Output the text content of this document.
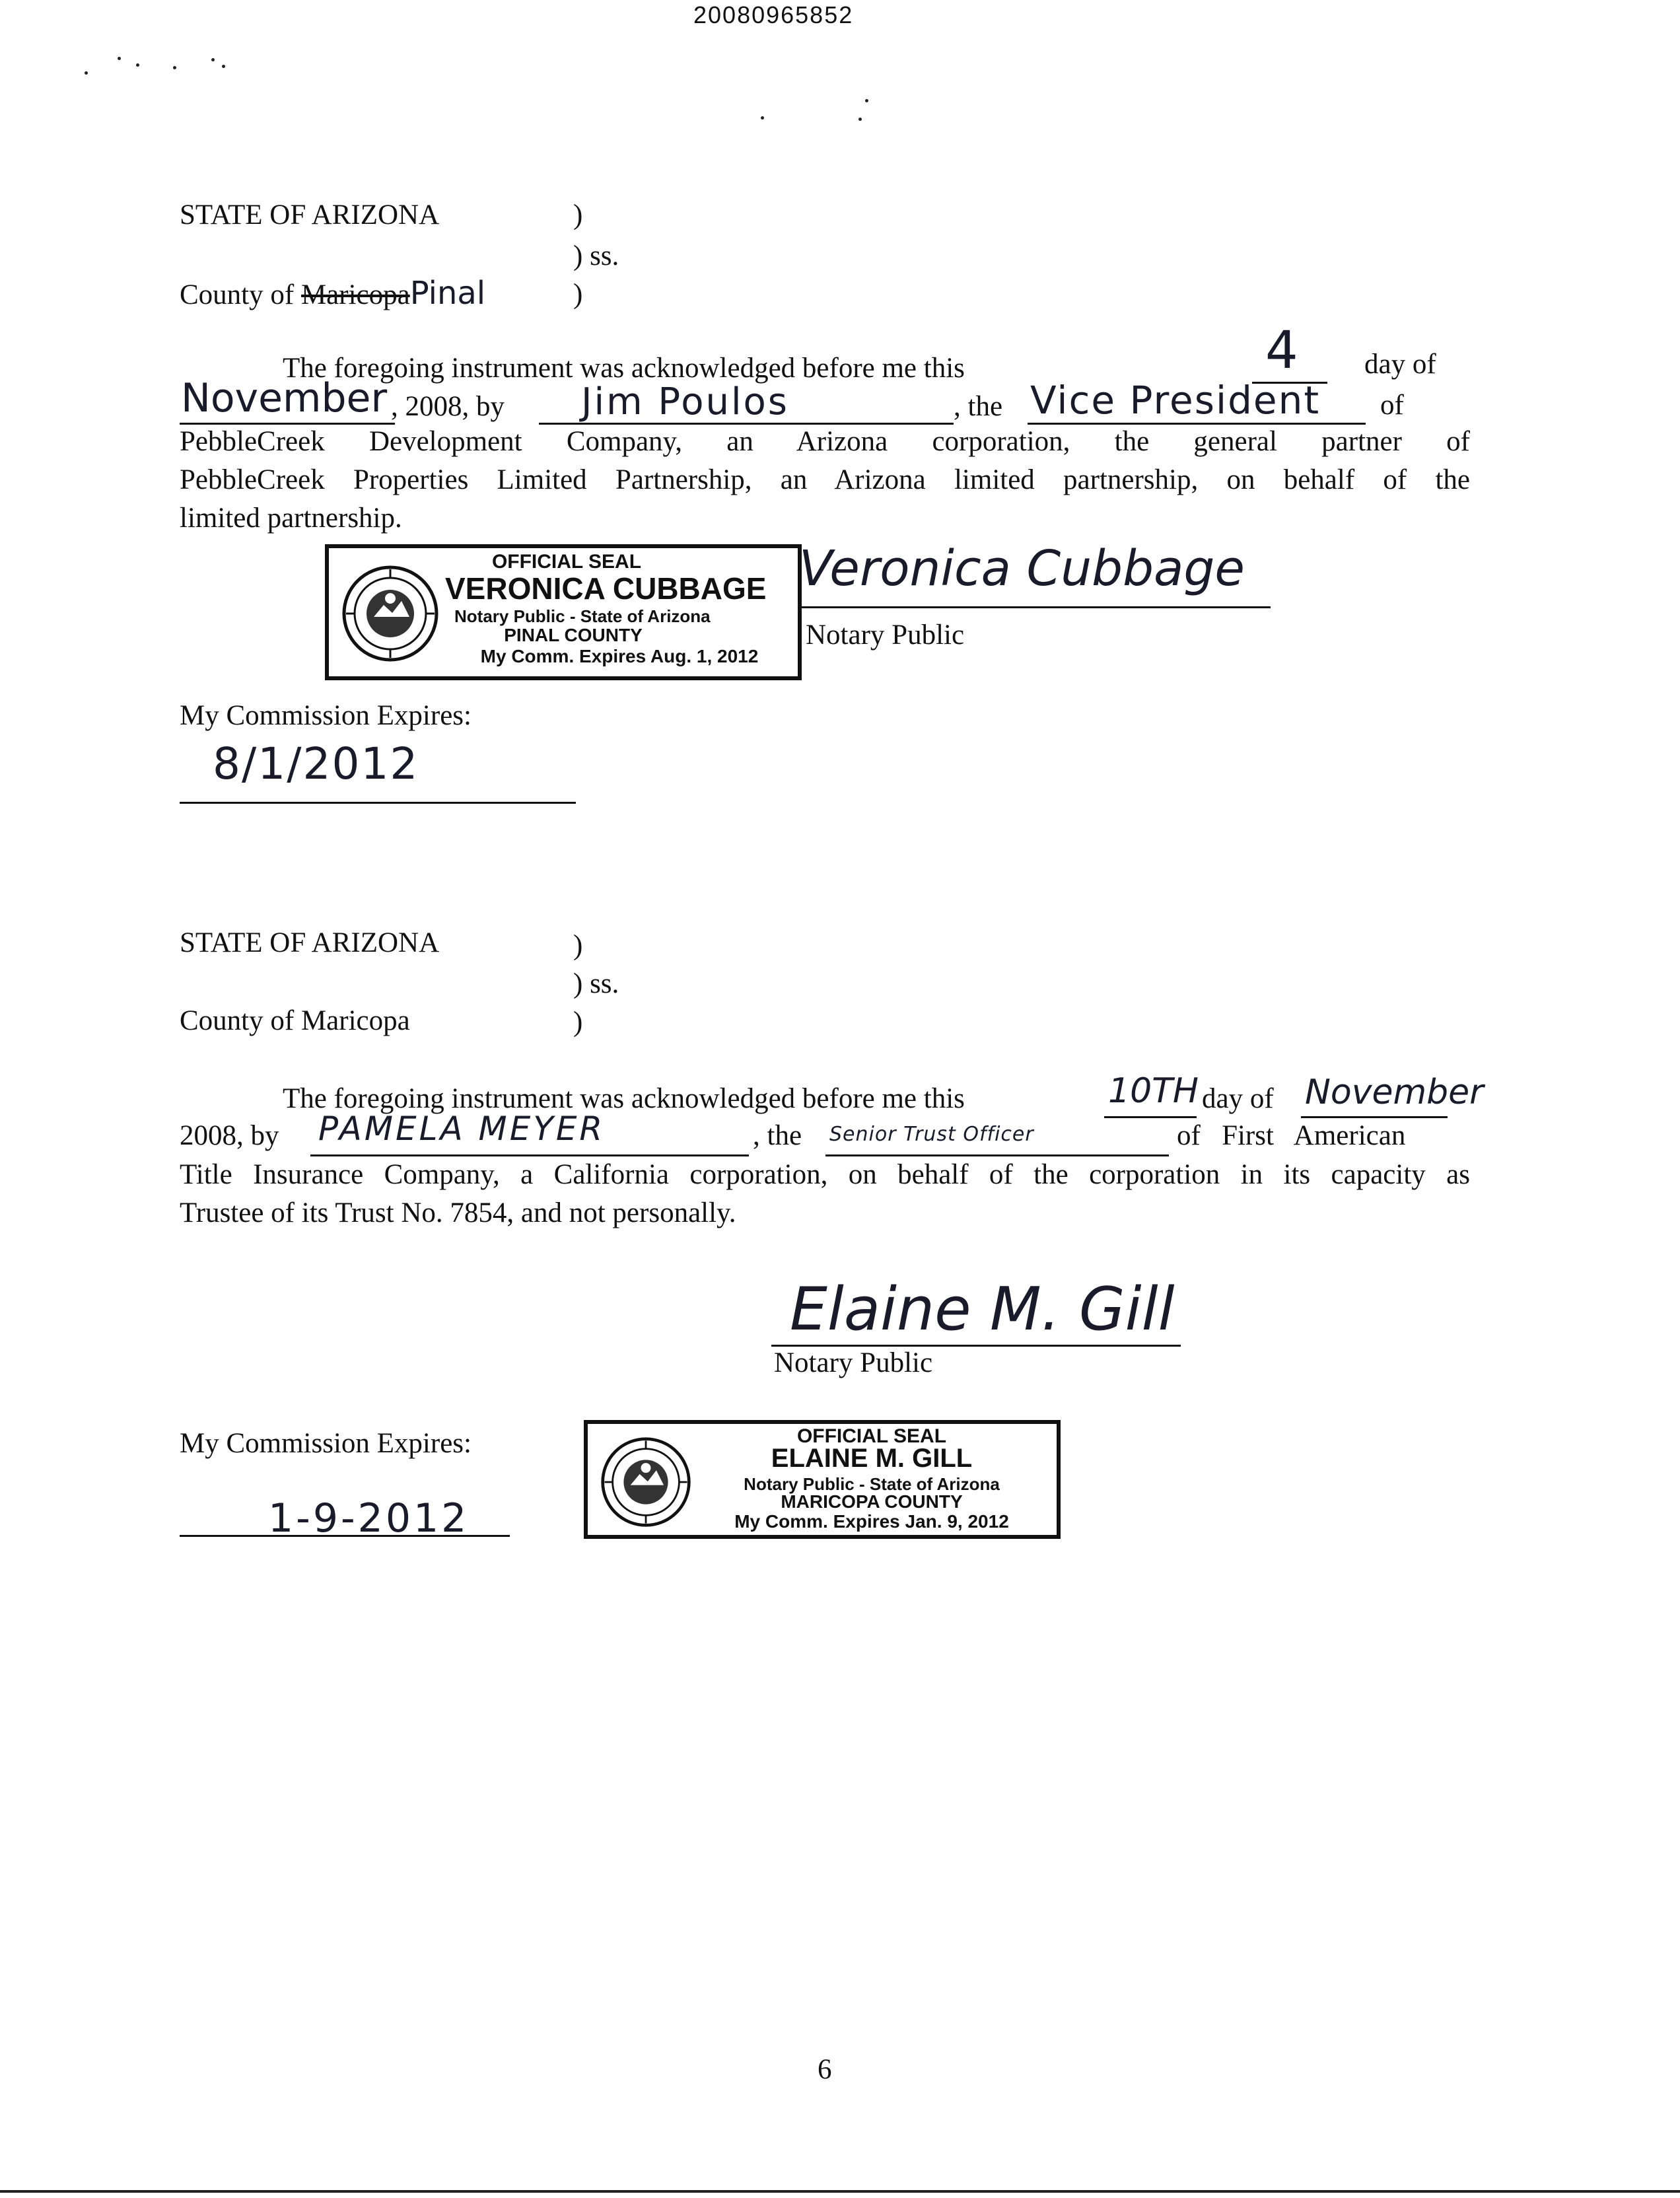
20080965852
STATE OF ARIZONA	)
) ss.
County of MaricopaPinal	)
The foregoing instrument was acknowledged before me this	4 day of
November , 2008, by Jim Poulos	, the Vice President of
PebbleCreek Development Company, an Arizona corporation, the general partner of
PebbleCreek Properties Limited Partnership, an Arizona limited partnership, on behalf of the
limited partnership.
OFFICIAL SEAL
VERONICA CUBBAGE
Notary Public - State of Arizona
PINAL COUNTY
My Comm. Expires Aug. 1, 2012
Veronica Cubbage
Notary Public
My Commission Expires:
8/1/2012
STATE OF ARIZONA	)
) ss.
County of Maricopa	)
The foregoing instrument was acknowledged before me this	10TH day of November
2008, by PAMELA MEYER	, the Senior Trust Officer	of   First   American
Title Insurance Company, a California corporation, on behalf of the corporation in its capacity as
Trustee of its Trust No. 7854, and not personally.
Elaine M. Gill
Notary Public
My Commission Expires:
1-9-2012
OFFICIAL SEAL
ELAINE M. GILL
Notary Public - State of Arizona
MARICOPA COUNTY
My Comm. Expires Jan. 9, 2012
6
